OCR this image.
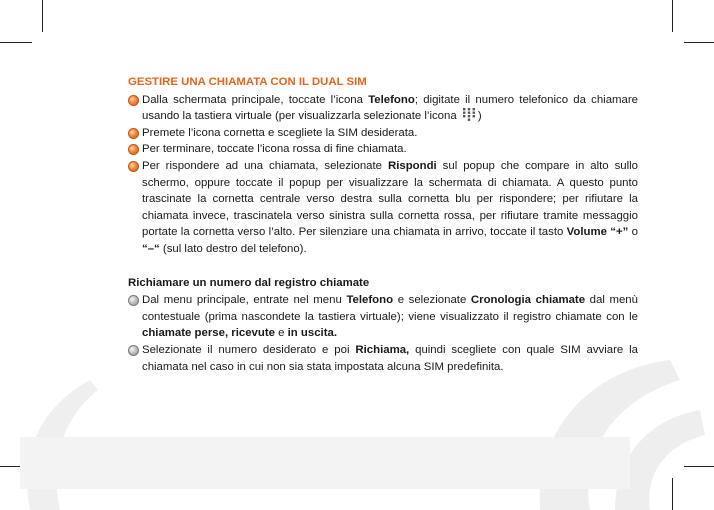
GESTIRE UNA CHIAMATA CON IL DUAL SIM

Dalla schermata principale, toccate l’icona Telefono; digitate il numero telefonico da chiamare usando la tastiera virtuale (per visualizzarla selezionate l’icona )

Premete l’icona cornetta e scegliete la SIM desiderata.

Per terminare, toccate l’icona rossa di fine chiamata.

Per rispondere ad una chiamata, selezionate Rispondi sul popup che compare in alto sullo schermo, oppure toccate il popup per visualizzare la schermata di chiamata. A questo punto trascinate la cornetta centrale verso destra sulla cornetta blu per rispondere; per rifiutare la chiamata invece, trascinatela verso sinistra sulla cornetta rossa, per rifiutare tramite messaggio portate la cornetta verso l’alto. Per silenziare una chiamata in arrivo, toccate il tasto Volume “+” o “–“ (sul lato destro del telefono).

Richiamare un numero dal registro chiamate

Dal menu principale, entrate nel menu Telefono e selezionate Cronologia chiamate dal menù contestuale (prima nascondete la tastiera virtuale); viene visualizzato il registro chiamate con le chiamate perse, ricevute e in uscita.

Selezionate il numero desiderato e poi Richiama, quindi scegliete con quale SIM avviare la chiamata nel caso in cui non sia stata impostata alcuna SIM predefinita.
